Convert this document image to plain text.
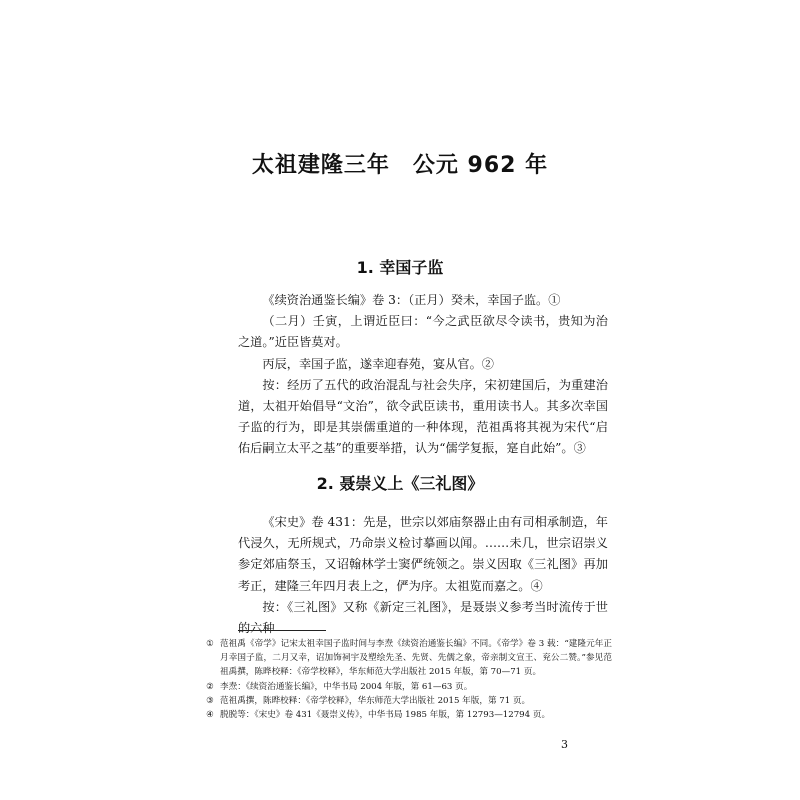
太祖建隆三年　公元 962 年
1. 幸国子监

《续资治通鉴长编》卷 3：（正月）癸未，幸国子监。①

（二月）壬寅，上谓近臣曰：“今之武臣欲尽令读书，贵知为治之道。”近臣皆莫对。

丙辰，幸国子监，遂幸迎春苑，宴从官。②

按：经历了五代的政治混乱与社会失序，宋初建国后，为重建治道，太祖开始倡导“文治”，欲令武臣读书，重用读书人。其多次幸国子监的行为，即是其崇儒重道的一种体现，范祖禹将其视为宋代“启佑后嗣立太平之基”的重要举措，认为“儒学复振，寔自此始”。③

2. 聂崇义上《三礼图》

《宋史》卷 431：先是，世宗以郊庙祭器止由有司相承制造，年代浸久，无所规式，乃命崇义检讨摹画以闻。……未几，世宗诏崇义参定郊庙祭玉，又诏翰林学士窦俨统领之。崇义因取《三礼图》再加考正，建隆三年四月表上之，俨为序。太祖览而嘉之。④

按：《三礼图》又称《新定三礼图》，是聂崇义参考当时流传于世的六种

① 范祖禹《帝学》记宋太祖幸国子监时间与李焘《续资治通鉴长编》不同。《帝学》卷 3 载：“建隆元年正月幸国子监，二月又幸，诏加饰祠宇及塑绘先圣、先贤、先儒之象，帝亲制文宣王、兖公二赞。”参见范祖禹撰，陈晔校释：《帝学校释》，华东师范大学出版社 2015 年版，第 70—71 页。
② 李焘：《续资治通鉴长编》，中华书局 2004 年版，第 61—63 页。
③ 范祖禹撰，陈晔校释：《帝学校释》，华东师范大学出版社 2015 年版，第 71 页。
④ 脱脱等：《宋史》卷 431《聂崇义传》，中华书局 1985 年版，第 12793—12794 页。
3
